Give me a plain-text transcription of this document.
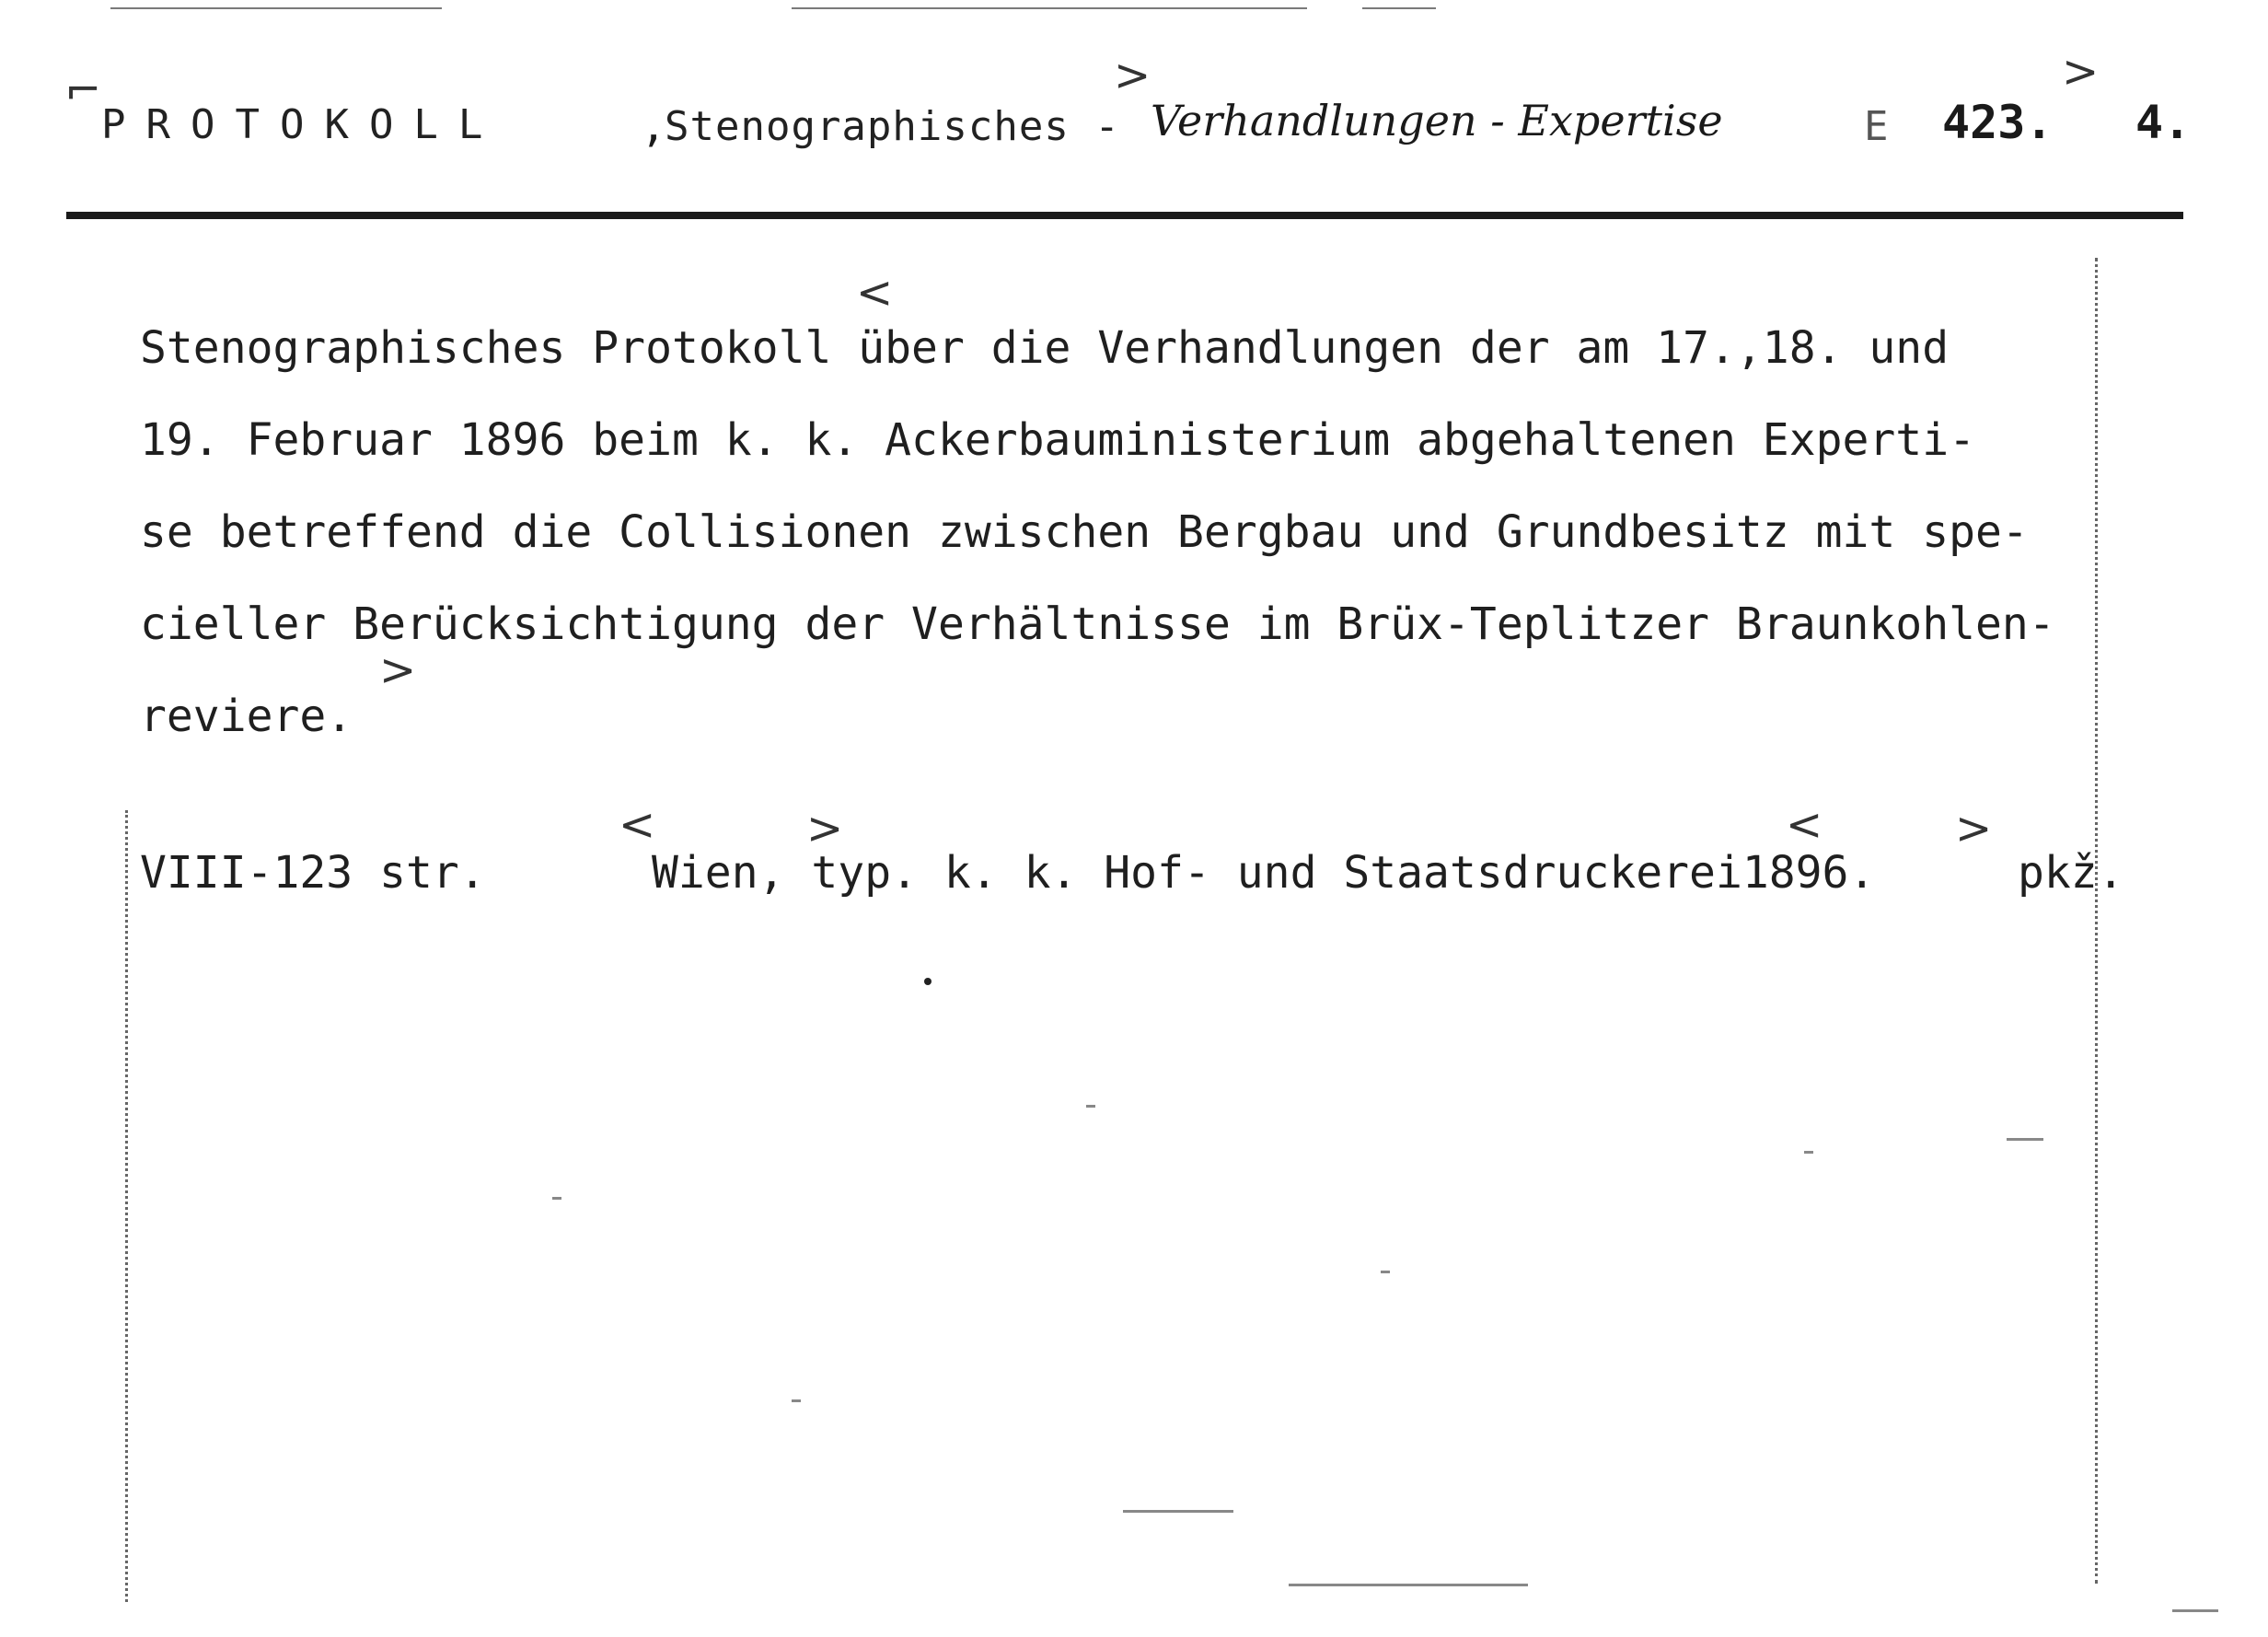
⌐
PROTOKOLL	,
Stenographisches -
>
Verhandlungen - Expertise	E 423.
>
4.
Stenographisches Protokoll über die Verhandlungen der am 17.,18. und
19. Februar 1896 beim k. k. Ackerbauministerium abgehaltenen Experti-
se betreffend die Collisionen zwischen Bergbau und Grundbesitz mit spe-
cieller Berücksichtigung der Verhältnisse im Brüx-Teplitzer Braunkohlen-
reviere.
<
>
VIII-123 str.	Wien, typ. k. k. Hof- und Staatsdruckerei1896.	pkž.
<	>	<	>
